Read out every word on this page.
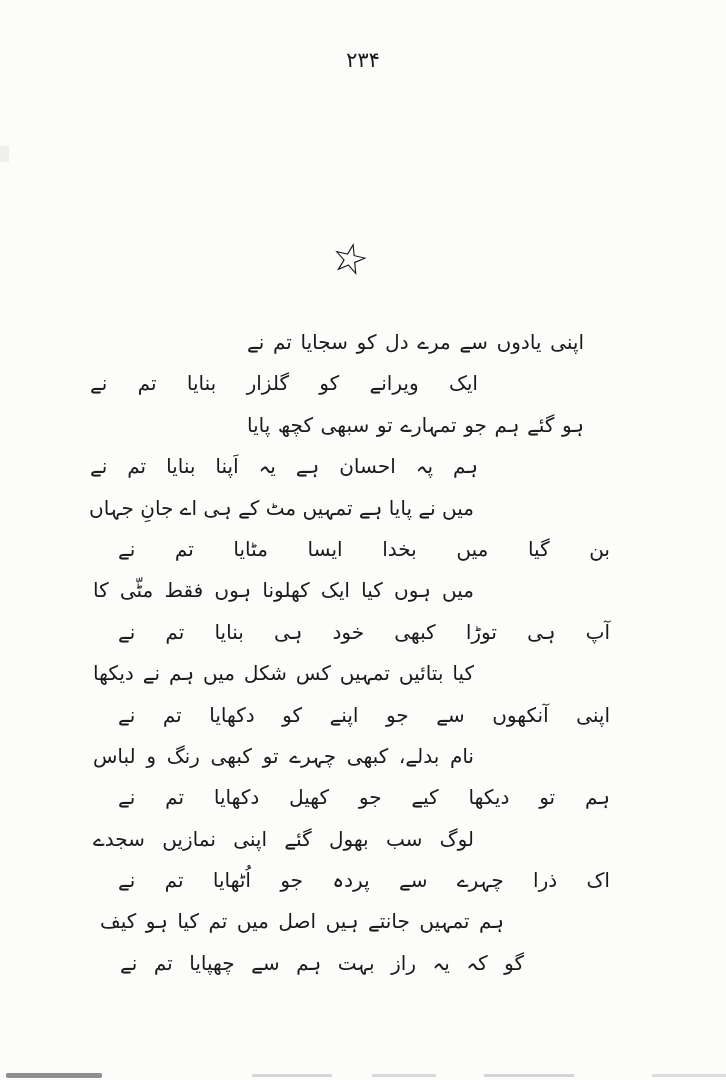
۲۳۴
☆
اپنی یادوں سے مرے دل کو سجایا تم نے
ایک ویرانے کو گلزار بنایا تم نے
ہو گئے ہم جو تمہارے تو سبھی کچھ پایا
ہم پہ احسان ہے یہ اَپنا بنایا تم نے
میں نے پایا ہے تمہیں مٹ کے ہی اے جانِ جہاں
بن گیا میں بخدا ایسا مٹایا تم نے
میں ہوں کیا ایک کھلونا ہوں فقط مٹّی کا
آپ ہی توڑا کبھی خود ہی بنایا تم نے
کیا بتائیں تمہیں کس شکل میں ہم نے دیکھا
اپنی آنکھوں سے جو اپنے کو دکھایا تم نے
نام بدلے، کبھی چہرے تو کبھی رنگ و لباس
ہم تو دیکھا کیے جو کھیل دکھایا تم نے
لوگ سب بھول گئے اپنی نمازیں سجدے
اک ذرا چہرے سے پردہ جو اُٹھایا تم نے
ہم تمہیں جانتے ہیں اصل میں تم کیا ہو کیف
گو کہ یہ راز بہت ہم سے چھپایا تم نے
